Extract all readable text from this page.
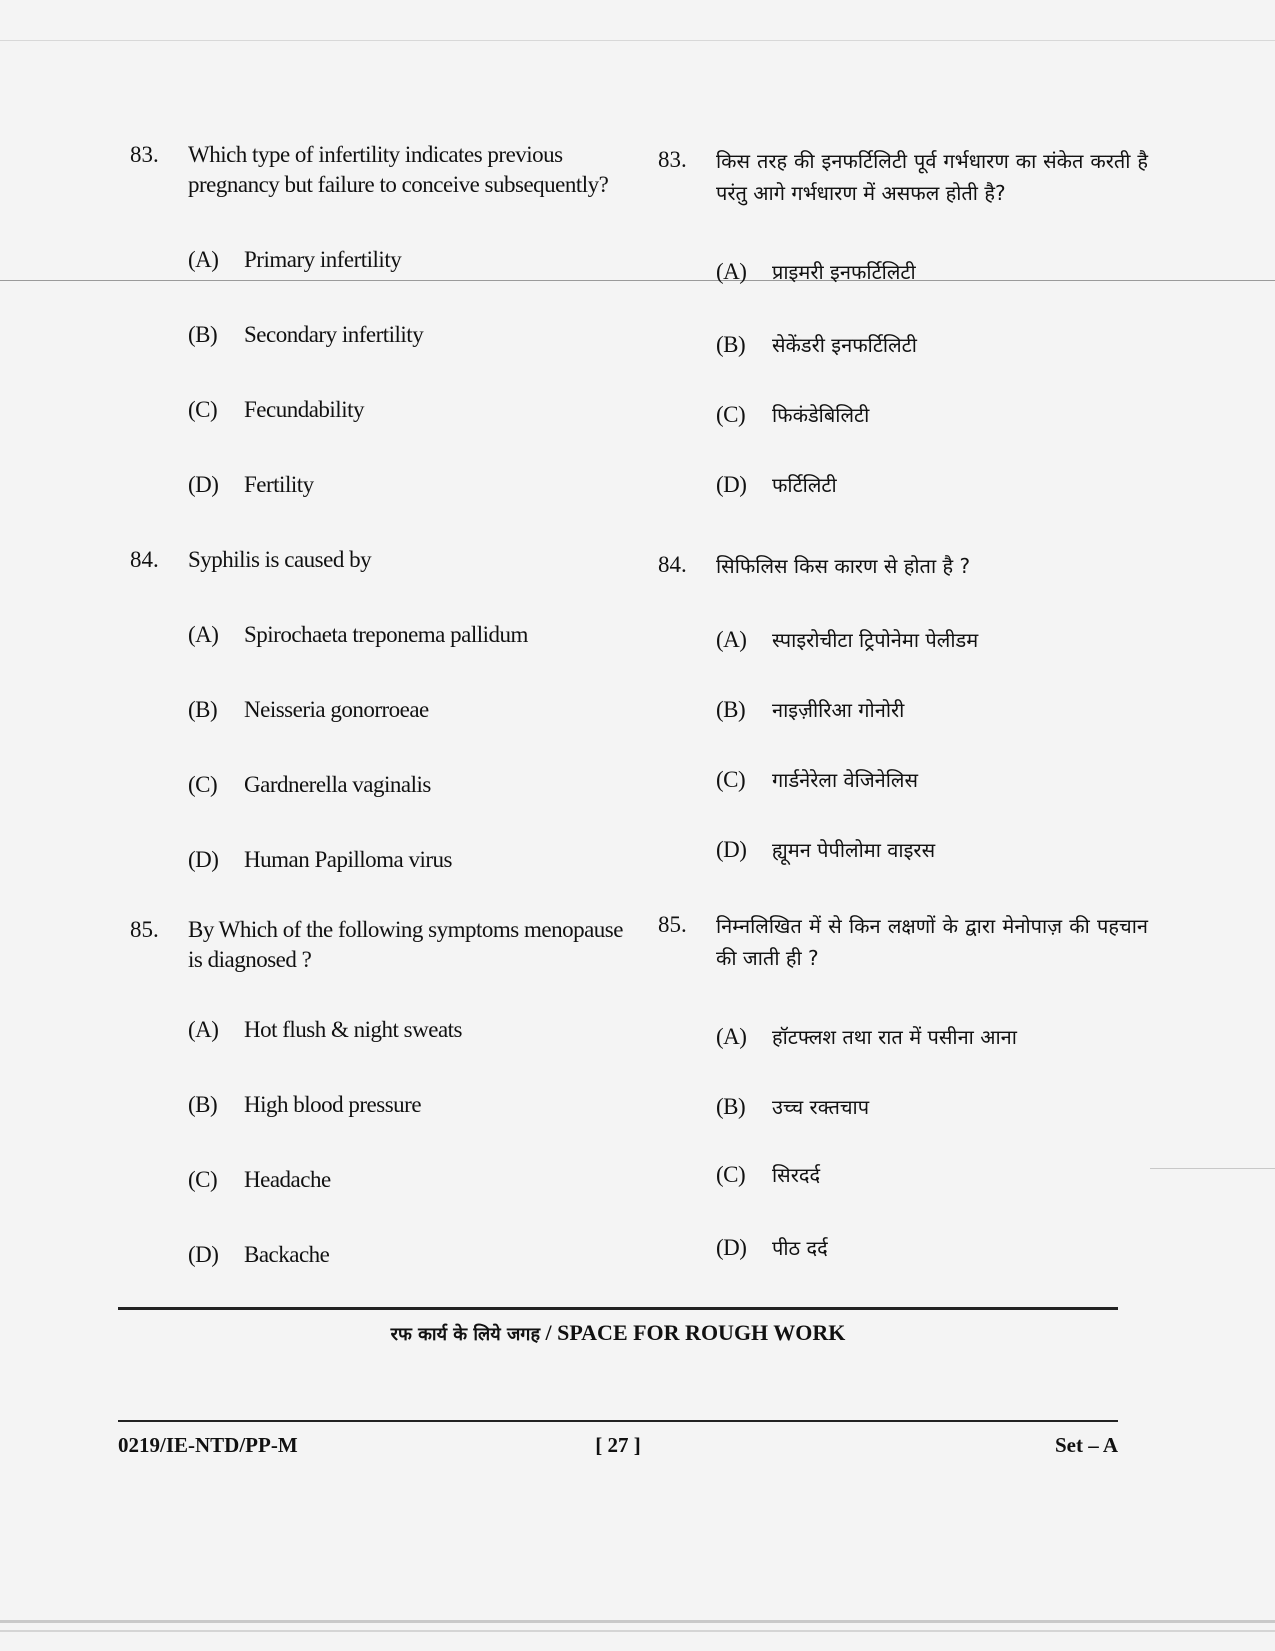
83.	Which type of infertility indicates previous pregnancy but failure to conceive subsequently?
(A)	Primary infertility
(B)	Secondary infertility
(C)	Fecundability
(D)	Fertility
84.	Syphilis is caused by
(A)	Spirochaeta treponema pallidum
(B)	Neisseria gonorroeae
(C)	Gardnerella vaginalis
(D)	Human Papilloma virus
85.	By Which of the following symptoms menopause is diagnosed ?
(A)	Hot flush & night sweats
(B)	High blood pressure
(C)	Headache
(D)	Backache
83.	किस तरह की इनफर्टिलिटी पूर्व गर्भधारण का संकेत करती है परंतु आगे गर्भधारण में असफल होती है?
(A)	प्राइमरी इनफर्टिलिटी
(B)	सेकेंडरी इनफर्टिलिटी
(C)	फिकंडेबिलिटी
(D)	फर्टिलिटी
84.	सिफिलिस किस कारण से होता है ?
(A)	स्पाइरोचीटा ट्रिपोनेमा पेलीडम
(B)	नाइज़ीरिआ गोनोरी
(C)	गार्डनेरेला वेजिनेलिस
(D)	ह्यूमन पेपीलोमा वाइरस
85.	निम्नलिखित में से किन लक्षणों के द्वारा मेनोपाज़ की पहचान की जाती ही ?
(A)	हॉटफ्लश तथा रात में पसीना आना
(B)	उच्च रक्तचाप
(C)	सिरदर्द
(D)	पीठ दर्द
रफ कार्य के लिये जगह / SPACE FOR ROUGH WORK
0219/IE-NTD/PP-M	[ 27 ]	Set – A
